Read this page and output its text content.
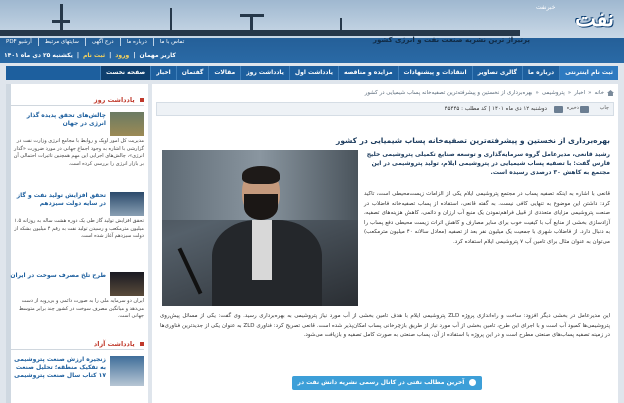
خبرنفت نفت
پرتیراژ ترین نشریه صنعت نفت و انرژی کشور
آرشیو PDF سایتهای مرتبط درج آگهی درباره ما تماس با ما
یکشنبه ۲۵ دی ماه ۱۴۰۱ | ثبت نام | ورود | کاربر مهمان
ثبت نام اینترنتی
درباره ما
گالری تصاویر
انتقادات و پیشنهادات
مزایده و مناقصه
یادداشت اول
یادداشت روز
مقالات
گفتمان
اخبار
صفحه نخست
خانه
«
اخبار
«
پتروشیمی
«
بهره‌برداری از نخستین و پیشرفته‌ترین تصفیه‌خانه پساب شیمیایی در کشور
چاپ
ذخیره
دوشنبه ۱۲ دی ماه ۱۴۰۱ | کد مطلب : ۴۵۴۴۵
بهره‌برداری از نخستین و پیشرفته‌ترین تصفیه‌خانه پساب شیمیایی در کشور
رشید قانعی، مدیرعامل گروه سرمایه‌گذاری و توسعه صنایع تکمیلی پتروشیمی خلیج فارس گفت: با تصفیه پساب شیمیایی در پتروشیمی ایلام، تولید پتروشیمی در این مجتمع به کاهش ۳۰ درصدی رسیده است.
قانعی با اشاره به اینکه تصفیه پساب در مجتمع پتروشیمی ایلام یکی از الزامات زیست‌محیطی است، تاکید کرد: داشتن این موضوع به تنهایی کافی نیست. به گفته قانعی، استفاده از پساب تصفیه‌خانه فاضلاب در صنعت پتروشیمی مزایای متعددی از قبیل فراهم‌نمودن یک منبع آب ارزان و دائمی، کاهش هزینه‌های تصفیه، آزادسازی بخشی از منابع آب با کیفیت خوب برای سایر مصارف و کاهش اثرات زیست محیطی دفع پساب را به دنبال دارد. از فاضلاب شهری با جمعیت یک میلیون نفر بعد از تصفیه (معادل سالانه ۴۰ میلیون مترمکعب) می‌توان به عنوان مثال برای تامین آب ۷ پتروشیمی ایلام استفاده کرد.
این مدیرعامل در بخشی دیگر افزود: ساخت و راه‌اندازی پروژه ZLD پتروشیمی ایلام با هدف تامین بخشی از آب مورد نیاز پتروشیمی به بهره‌برداری رسید. وی گفت: یکی از مسائل پیش‌روی پتروشیمی‌ها کمبود آب است و با اجرای این طرح، تامین بخشی از آب مورد نیاز از طریق بازچرخانی پساب امکان‌پذیر شده است. قانعی تصریح کرد: فناوری ZLD به عنوان یکی از جدیدترین فناوری‌ها در زمینه تصفیه پساب‌های صنعتی مطرح است و در این پروژه با استفاده از آن، پساب صنعتی به صورت کامل تصفیه و بازیافت می‌شود.
آخرین مطالب نفتی در کانال رسمی نشریه دانش نفت در تلگرام
یادداشت روز
چالش‌های تحقق پدیده گذار انرژی در جهان
مدیریت کل امور اوپک و روابط با مجامع انرژی وزارت نفت در گزارشی با اشاره به وجود اجماع جهانی در مورد ضرورت «گذار انرژی»، چالش‌های اجرایی این مهم همچنین تاثیرات احتمالی آن بر بازار انرژی را بررسی کرده است.
تحقق افزایش تولید نفت و گاز در سایه دولت سیزدهم
تحقق افزایش تولید گاز طی یک دوره هشت ساله به روزانه ۱.۵ میلیون مترمکعب و رسیدن تولید نفت به رقم ۴ میلیون بشکه از دولت سیزدهم آغاز شده است.
طرح تلخ مصرف سوخت در ایران
ایران دو سرمایه ملی را به صورت دائمی و بی‌رویه از دست می‌دهد و میانگین مصرف سوخت در کشور چند برابر متوسط جهانی است.
یادداشت آزاد
زنجیره ارزش صنعت پتروشیمی به تفکیک منطقه؛ تحلیل صنعت ۱۷ کتاب سال صنعت پتروشیمی
